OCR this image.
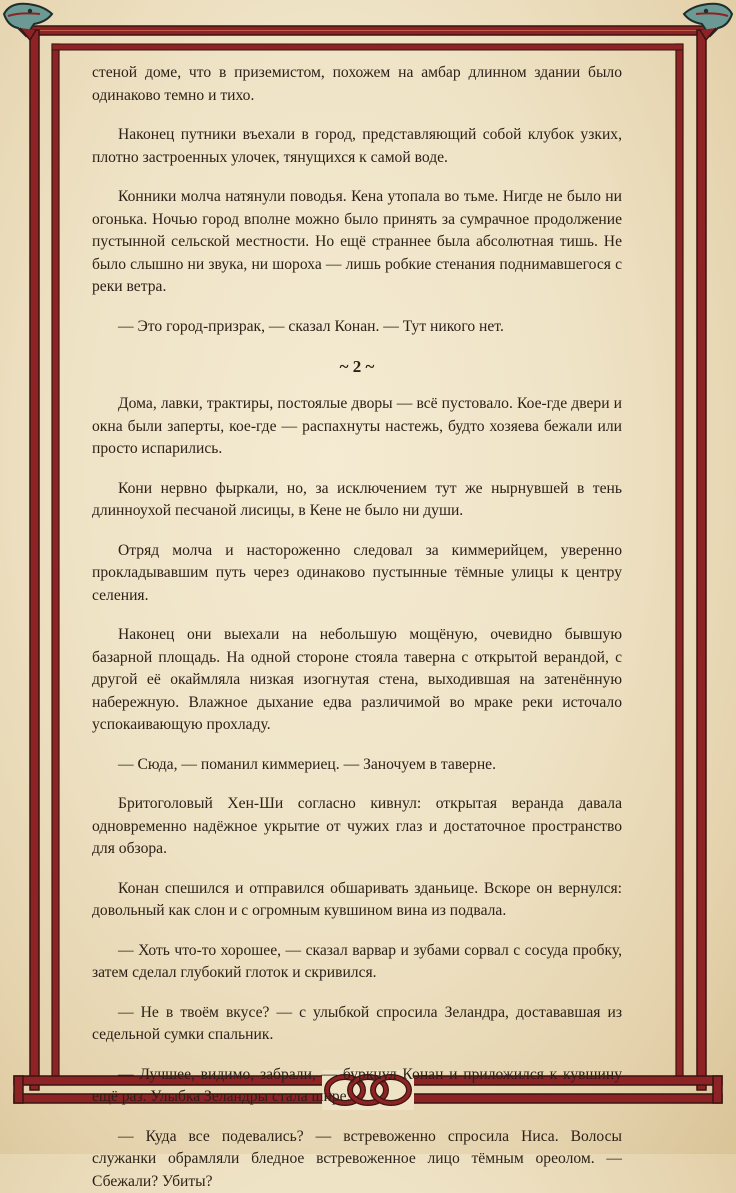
стеной доме, что в приземистом, похожем на амбар длинном здании было одинаково темно и тихо.

Наконец путники въехали в город, представляющий собой клубок узких, плотно застроенных улочек, тянущихся к самой воде.

Конники молча натянули поводья. Кена утопала во тьме. Нигде не было ни огонька. Ночью город вполне можно было принять за сумрачное продолжение пустынной сельской местности. Но ещё страннее была абсолютная тишь. Не было слышно ни звука, ни шороха — лишь робкие стенания поднимавшегося с реки ветра.

— Это город-призрак, — сказал Конан. — Тут никого нет.

~ 2 ~

Дома, лавки, трактиры, постоялые дворы — всё пустовало. Кое-где двери и окна были заперты, кое-где — распахнуты настежь, будто хозяева бежали или просто испарились.

Кони нервно фыркали, но, за исключением тут же нырнувшей в тень длинноухой песчаной лисицы, в Кене не было ни души.

Отряд молча и настороженно следовал за киммерийцем, уверенно прокладывавшим путь через одинаково пустынные тёмные улицы к центру селения.

Наконец они выехали на небольшую мощёную, очевидно бывшую базарной площадь. На одной стороне стояла таверна с открытой верандой, с другой её окаймляла низкая изогнутая стена, выходившая на затенённую набережную. Влажное дыхание едва различимой во мраке реки источало успокаивающую прохладу.

— Сюда, — поманил киммериец. — Заночуем в таверне.

Бритоголовый Хен-Ши согласно кивнул: открытая веранда давала одновременно надёжное укрытие от чужих глаз и достаточное пространство для обзора.

Конан спешился и отправился обшаривать зданьице. Вскоре он вернулся: довольный как слон и с огромным кувшином вина из подвала.

— Хоть что-то хорошее, — сказал варвар и зубами сорвал с сосуда пробку, затем сделал глубокий глоток и скривился.

— Не в твоём вкусе? — с улыбкой спросила Зеландра, достававшая из седельной сумки спальник.

— Лучшее, видимо, забрали, — буркнул Конан и приложился к кувшину ещё раз. Улыбка Зеландры стала шире.

— Куда все подевались? — встревоженно спросила Ниса. Волосы служанки обрамляли бледное встревоженное лицо тёмным ореолом. — Сбежали? Убиты?
